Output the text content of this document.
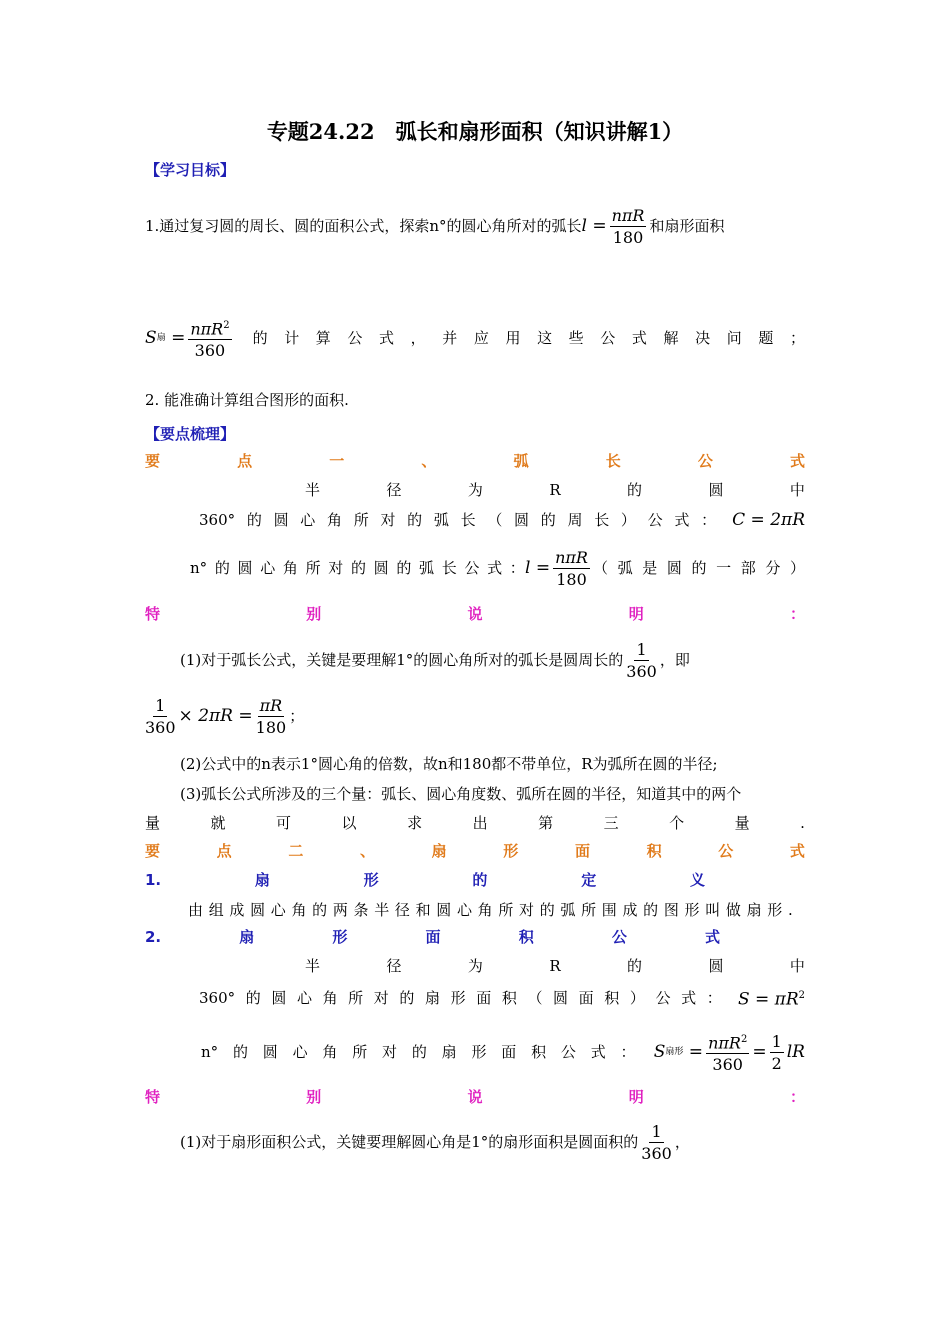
专题24.22　弧长和扇形面积（知识讲解1）
【学习目标】
1.通过复习圆的周长、圆的面积公式，探索n°的圆心角所对的弧长 $l = \frac{\text{nπR}}{180}$ 和扇形面积
S 扇 = $\frac{n\pi R^2}{360}$ 的 计 算 公 式 ， 并 应 用 这 些 公 式 解 决 问 题 ；
2. 能准确计算组合图形的面积.
【要点梳理】
要	点	一	、	弧	长	公	式
半	径	为	R	的	圆	中
360° 的 圆 心 角 所 对 的 弧 长 （ 圆 的 周 长 ） 公 式 ： C = 2πR
n° 的 圆 心 角 所 对 的 圆 的 弧 长 公 式 ： $l = \frac{\text{nπR}}{180}$ （ 弧 是 圆 的 一 部 分 ）
特	别	说	明	：
(1)对于弧长公式，关键是要理解1°的圆心角所对的弧长是圆周长的 $\frac{1}{360}$ ，即
$\frac{1}{360} \times 2\pi R = \frac{\pi R}{180}$ ；
(2)公式中的n表示1°圆心角的倍数，故n和180都不带单位，R为弧所在圆的半径;
(3)弧长公式所涉及的三个量：弧长、圆心角度数、弧所在圆的半径，知道其中的两个
量	就	可	以	求	出	第	三	个	量	.
要	点	二	、	扇	形	面	积	公	式
1.	扇	形	的	定	义
由 组 成 圆 心 角 的 两 条 半 径 和 圆 心 角 所 对 的 弧 所 围 成 的 图 形 叫 做 扇 形 .
2.	扇	形	面	积	公	式
半	径	为	R	的	圆	中
360° 的 圆 心 角 所 对 的 扇 形 面 积 （ 圆 面 积 ） 公 式 ： $S = \pi R^2$
n° 的 圆 心 角 所 对 的 扇 形 面 积 公 式 ： S 扇形 = $\frac{n\pi R^2}{360} = \frac{1}{2}$ lR
特	别	说	明	：
(1)对于扇形面积公式，关键要理解圆心角是1°的扇形面积是圆面积的 $\frac{1}{360}$ ，
